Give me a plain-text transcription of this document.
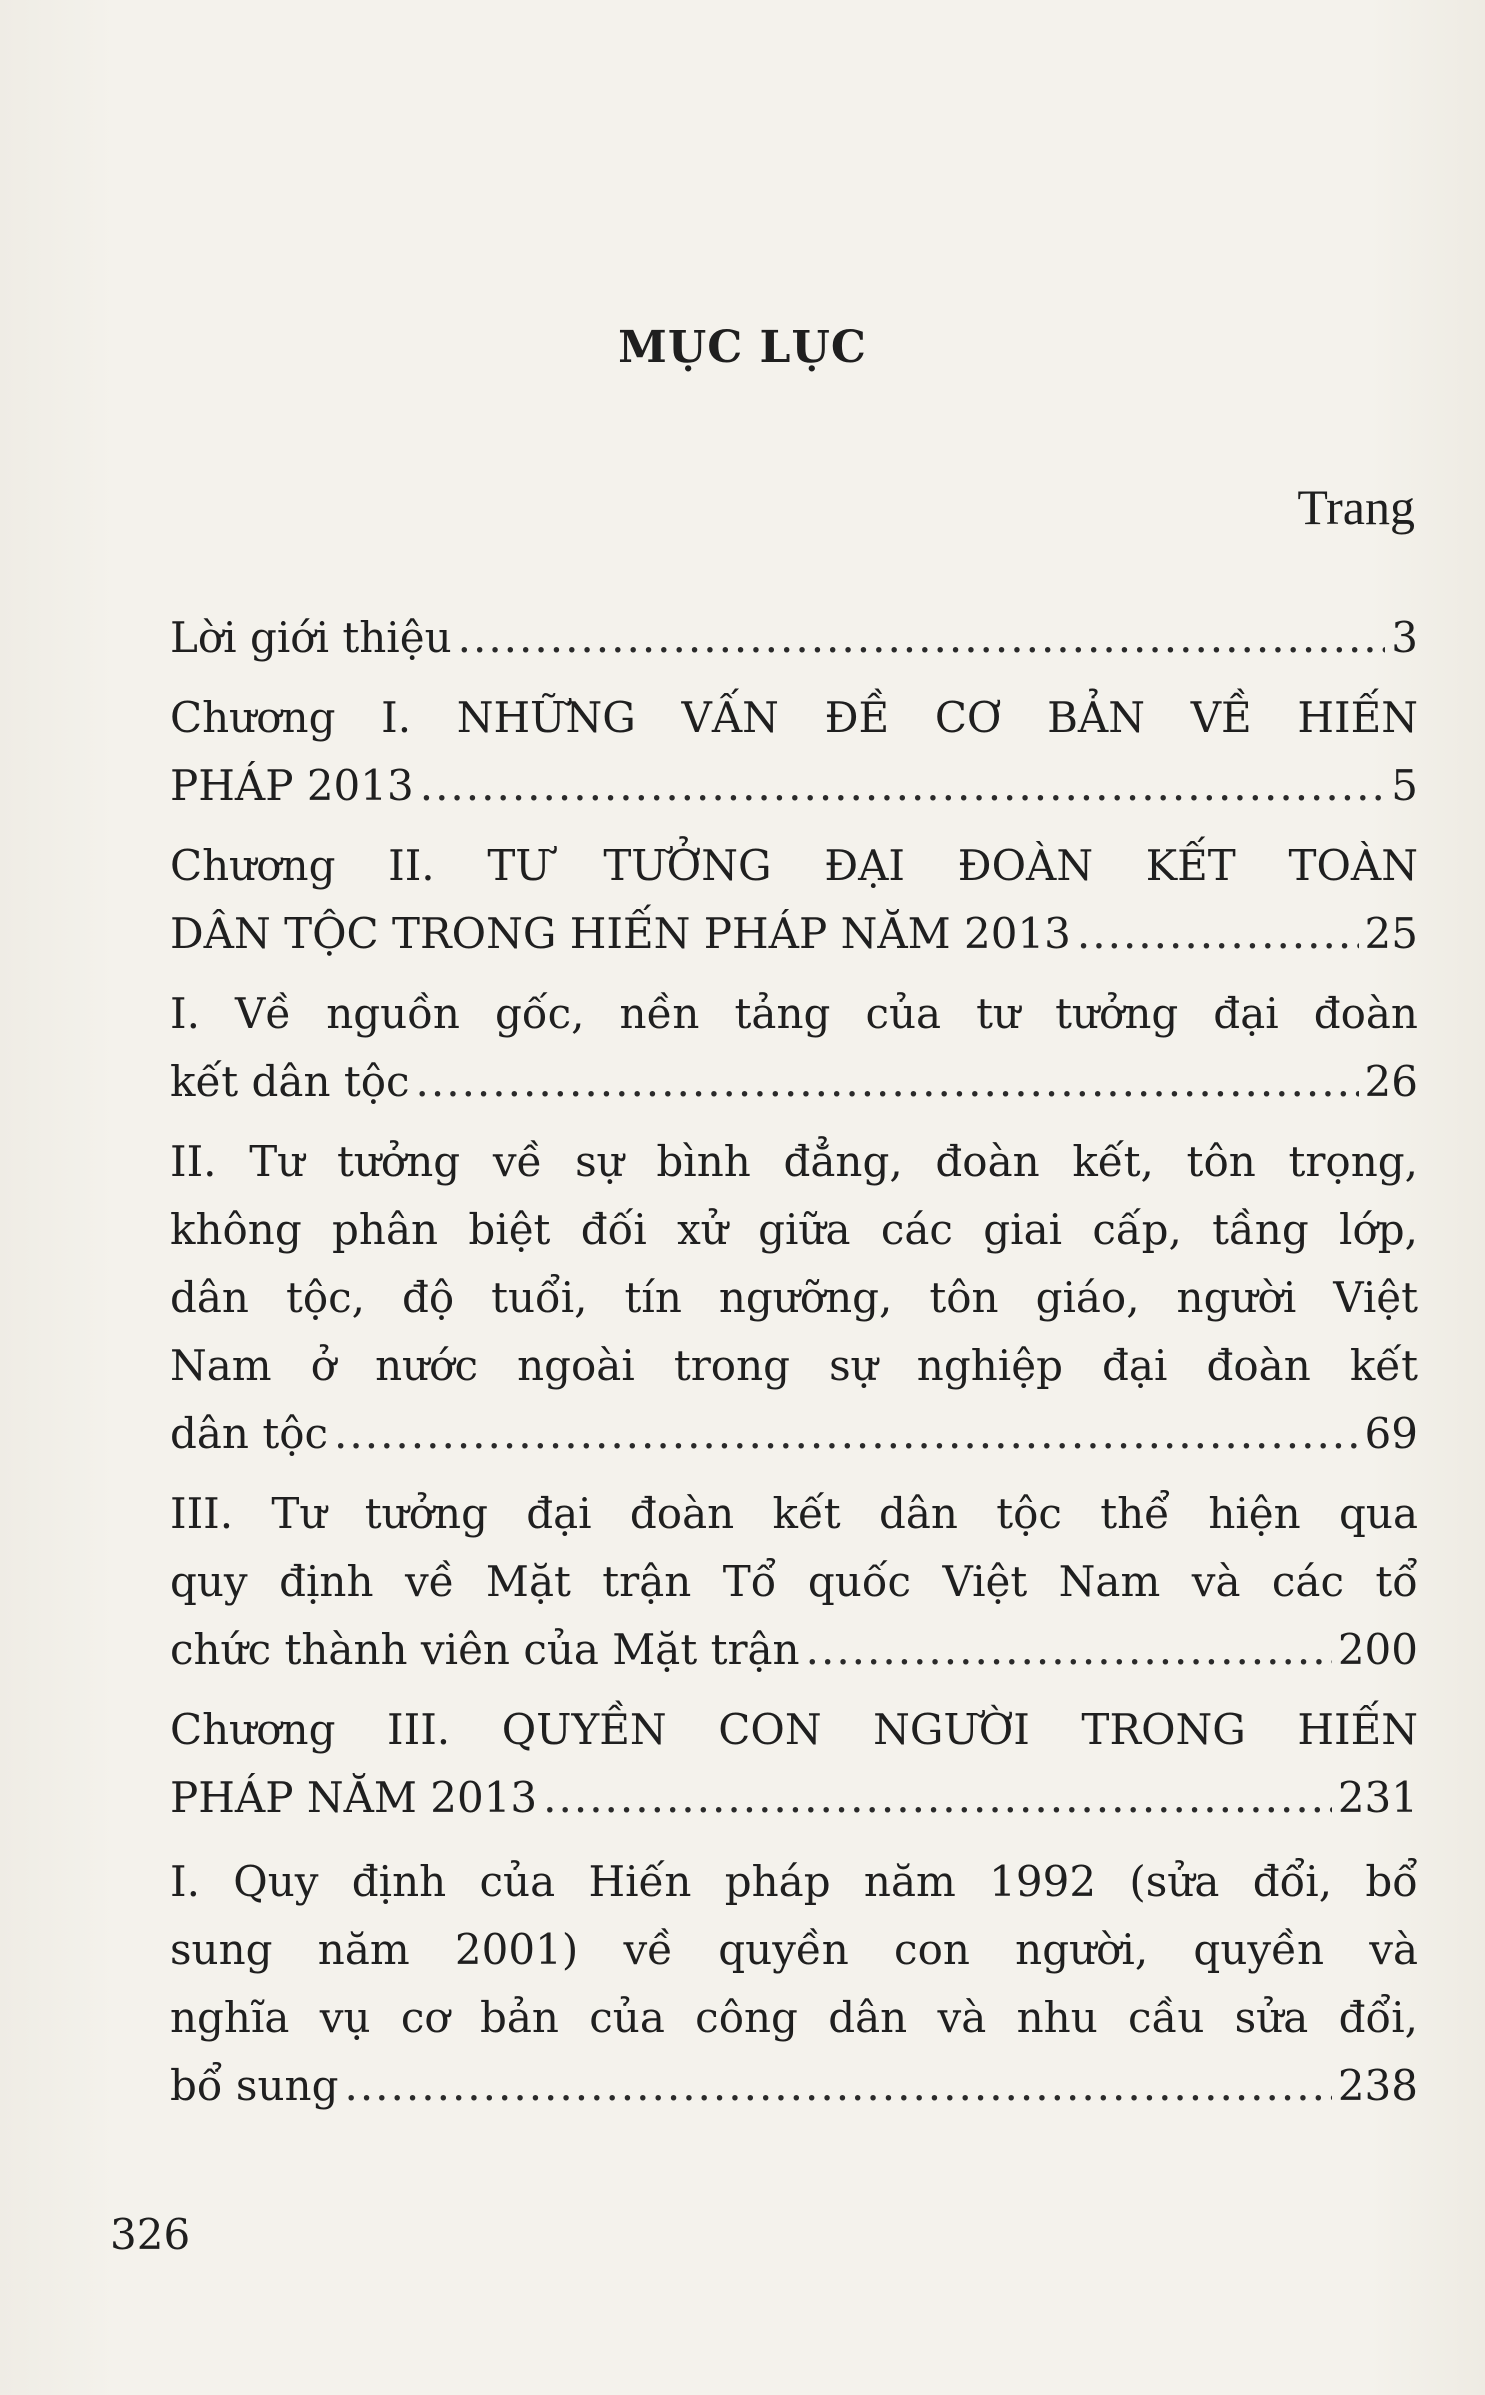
MỤC LỤC
Trang
Lời giới thiệu .....	3
Chương I. NHỮNG VẤN ĐỀ CƠ BẢN VỀ HIẾN
PHÁP 2013 .....	5
Chương II. TƯ TƯỞNG ĐẠI ĐOÀN KẾT TOÀN
DÂN TỘC TRONG HIẾN PHÁP NĂM 2013 .....	25
I. Về nguồn gốc, nền tảng của tư tưởng đại đoàn
kết dân tộc .....	26
II. Tư tưởng về sự bình đẳng, đoàn kết, tôn trọng,
không phân biệt đối xử giữa các giai cấp, tầng lớp,
dân tộc, độ tuổi, tín ngưỡng, tôn giáo, người Việt
Nam ở nước ngoài trong sự nghiệp đại đoàn kết
dân tộc .....	69
III. Tư tưởng đại đoàn kết dân tộc thể hiện qua
quy định về Mặt trận Tổ quốc Việt Nam và các tổ
chức thành viên của Mặt trận .....	200
Chương III. QUYỀN CON NGƯỜI TRONG HIẾN
PHÁP NĂM 2013 .....	231
I. Quy định của Hiến pháp năm 1992 (sửa đổi, bổ
sung năm 2001) về quyền con người, quyền và
nghĩa vụ cơ bản của công dân và nhu cầu sửa đổi,
bổ sung .....	238
326
